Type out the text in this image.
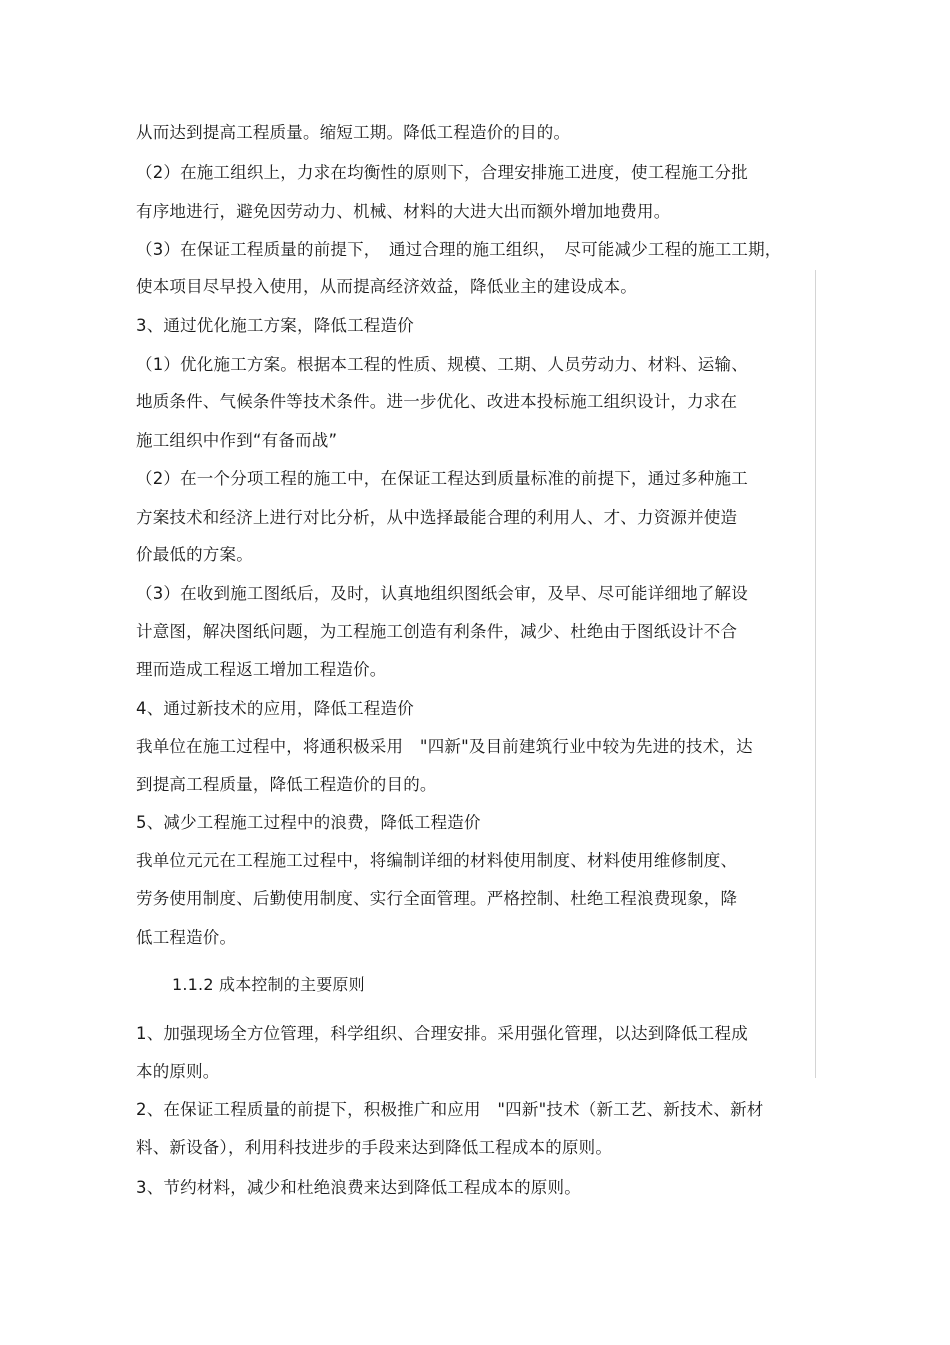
从而达到提高工程质量。缩短工期。降低工程造价的目的。
（2）在施工组织上，力求在均衡性的原则下，合理安排施工进度，使工程施工分批
有序地进行，避免因劳动力、机械、材料的大进大出而额外增加地费用。
（3）在保证工程质量的前提下，　通过合理的施工组织，　尽可能减少工程的施工工期，
使本项目尽早投入使用，从而提高经济效益，降低业主的建设成本。
3、通过优化施工方案，降低工程造价
（1）优化施工方案。根据本工程的性质、规模、工期、人员劳动力、材料、运输、
地质条件、气候条件等技术条件。进一步优化、改进本投标施工组织设计，力求在
施工组织中作到“有备而战”
（2）在一个分项工程的施工中，在保证工程达到质量标准的前提下，通过多种施工
方案技术和经济上进行对比分析，从中选择最能合理的利用人、才、力资源并使造
价最低的方案。
（3）在收到施工图纸后，及时，认真地组织图纸会审，及早、尽可能详细地了解设
计意图，解决图纸问题，为工程施工创造有利条件，减少、杜绝由于图纸设计不合
理而造成工程返工增加工程造价。
4、通过新技术的应用，降低工程造价
我单位在施工过程中，将通积极采用　"四新"及目前建筑行业中较为先进的技术，达
到提高工程质量，降低工程造价的目的。
5、减少工程施工过程中的浪费，降低工程造价
我单位元元在工程施工过程中，将编制详细的材料使用制度、材料使用维修制度、
劳务使用制度、后勤使用制度、实行全面管理。严格控制、杜绝工程浪费现象，降
低工程造价。
1.1.2 成本控制的主要原则
1、加强现场全方位管理，科学组织、合理安排。采用强化管理，以达到降低工程成
本的原则。
2、在保证工程质量的前提下，积极推广和应用　"四新"技术（新工艺、新技术、新材
料、新设备），利用科技进步的手段来达到降低工程成本的原则。
3、节约材料，减少和杜绝浪费来达到降低工程成本的原则。
